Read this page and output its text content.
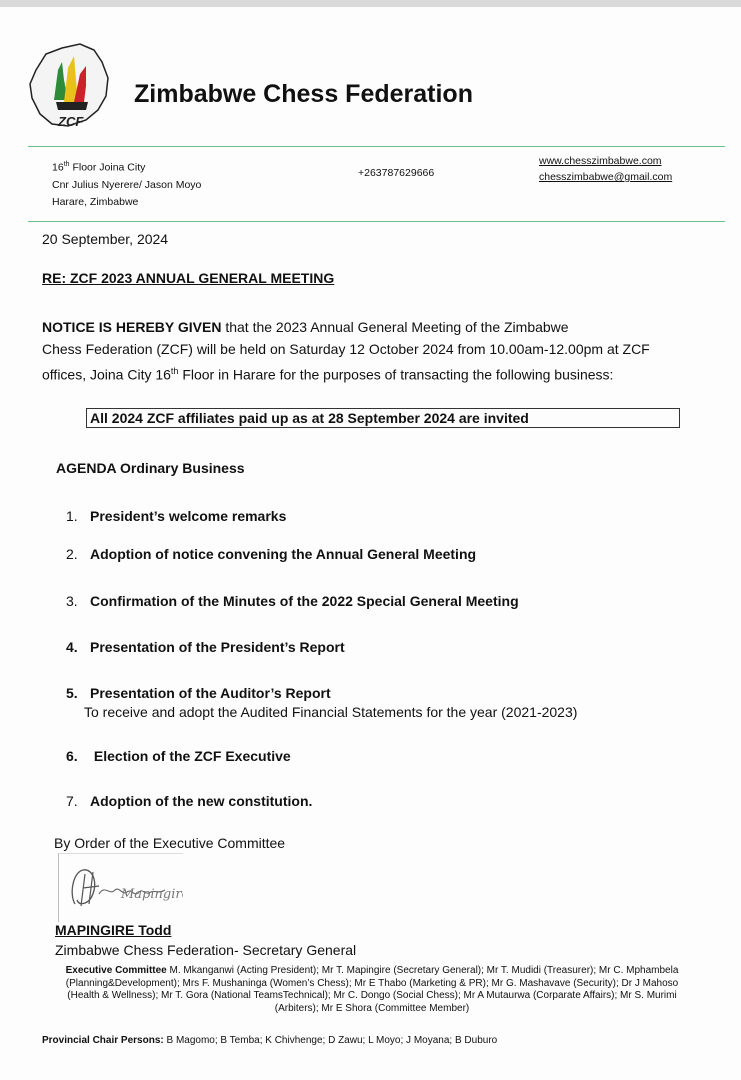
ZCF
Zimbabwe Chess Federation
16th Floor Joina City
Cnr Julius Nyerere/ Jason Moyo
Harare, Zimbabwe
+263787629666
www.chesszimbabwe.com
chesszimbabwe@gmail.com
20 September, 2024
RE: ZCF 2023 ANNUAL GENERAL MEETING
NOTICE IS HEREBY GIVEN that the 2023 Annual General Meeting of the Zimbabwe
Chess Federation (ZCF) will be held on Saturday 12 October 2024 from 10.00am-12.00pm at ZCF
offices, Joina City 16th Floor in Harare for the purposes of transacting the following business:
All 2024 ZCF affiliates paid up as at 28 September 2024 are invited
AGENDA Ordinary Business
1. President’s welcome remarks
2. Adoption of notice convening the Annual General Meeting
3. Confirmation of the Minutes of the 2022 Special General Meeting
4. Presentation of the President’s Report
5. Presentation of the Auditor’s Report
To receive and adopt the Audited Financial Statements for the year (2021-2023)
6. Election of the ZCF Executive
7. Adoption of the new constitution.
By Order of the Executive Committee
Mapingire
MAPINGIRE Todd
Zimbabwe Chess Federation- Secretary General
Executive Committee M. Mkanganwi (Acting President); Mr T. Mapingire (Secretary General); Mr T. Mudidi (Treasurer); Mr C. Mphambela (Planning&Development); Mrs F. Mushaninga (Women’s Chess); Mr E Thabo (Marketing & PR); Mr G. Mashavave (Security); Dr J Mahoso (Health & Wellness); Mr T. Gora (National TeamsTechnical); Mr C. Dongo (Social Chess); Mr A Mutaurwa (Corparate Affairs); Mr S. Murimi (Arbiters); Mr E Shora (Committee Member)
Provincial Chair Persons: B Magomo; B Temba; K Chivhenge; D Zawu; L Moyo; J Moyana; B Duburo
